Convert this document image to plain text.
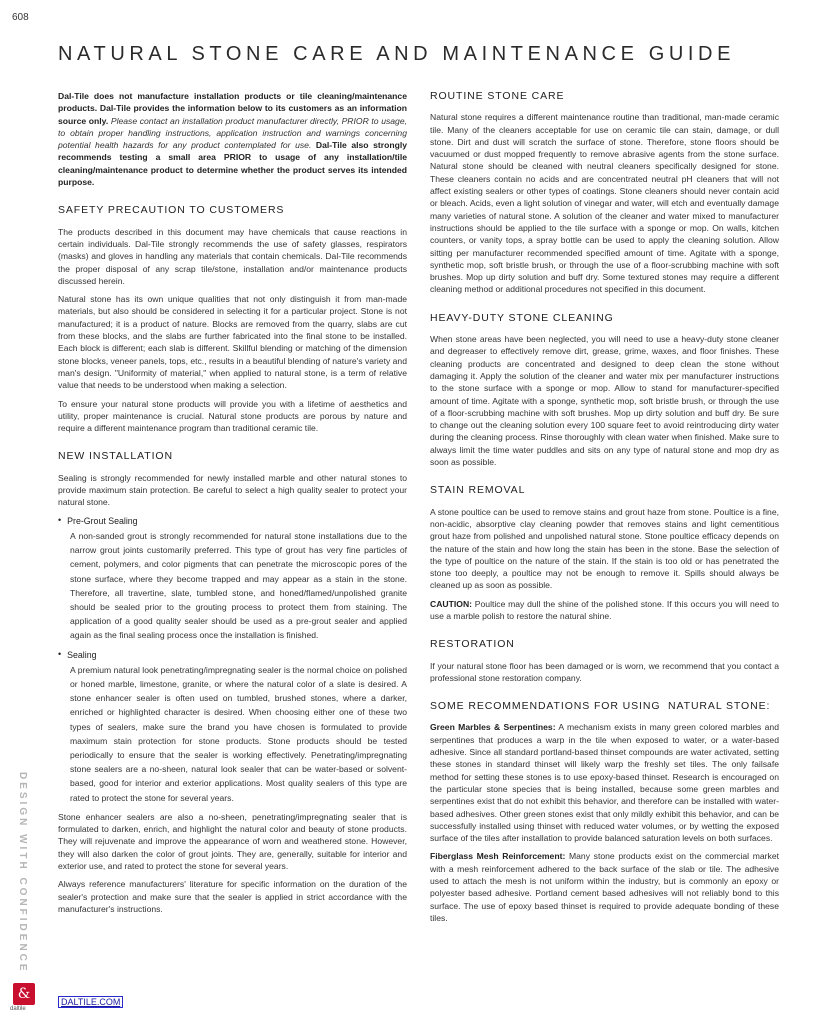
608
NATURAL STONE CARE AND MAINTENANCE GUIDE

Dal-Tile does not manufacture installation products or tile cleaning/maintenance products. Dal-Tile provides the information below to its customers as an information source only. Please contact an installation product manufacturer directly, PRIOR to usage, to obtain proper handling instructions, application instruction and warnings concerning potential health hazards for any product contemplated for use. Dal-Tile also strongly recommends testing a small area PRIOR to usage of any installation/tile cleaning/maintenance product to determine whether the product serves its intended purpose.

SAFETY PRECAUTION TO CUSTOMERS

The products described in this document may have chemicals that cause reactions in certain individuals. Dal-Tile strongly recommends the use of safety glasses, respirators (masks) and gloves in handling any materials that contain chemicals. Dal-Tile recommends the proper disposal of any scrap tile/stone, installation and/or maintenance products discussed herein.

Natural stone has its own unique qualities that not only distinguish it from man-made materials, but also should be considered in selecting it for a particular project. Stone is not manufactured; it is a product of nature. Blocks are removed from the quarry, slabs are cut from these blocks, and the slabs are further fabricated into the final stone to be installed. Each block is different; each slab is different. Skillful blending or matching of the dimension stone blocks, veneer panels, tops, etc., results in a beautiful blending of nature's variety and man's design. "Uniformity of material," when applied to natural stone, is a term of relative value that needs to be understood when making a selection.

To ensure your natural stone products will provide you with a lifetime of aesthetics and utility, proper maintenance is crucial. Natural stone products are porous by nature and require a different maintenance program than traditional ceramic tile.

NEW INSTALLATION

Sealing is strongly recommended for newly installed marble and other natural stones to provide maximum stain protection. Be careful to select a high quality sealer to protect your natural stone.

• Pre-Grout Sealing
A non-sanded grout is strongly recommended for natural stone installations due to the narrow grout joints customarily preferred. This type of grout has very fine particles of cement, polymers, and color pigments that can penetrate the microscopic pores of the stone surface, where they become trapped and may appear as a stain in the stone. Therefore, all travertine, slate, tumbled stone, and honed/flamed/unpolished granite should be sealed prior to the grouting process to protect them from staining. The application of a good quality sealer should be used as a pre-grout sealer and applied again as the final sealing process once the installation is finished.
• Sealing
A premium natural look penetrating/impregnating sealer is the normal choice on polished or honed marble, limestone, granite, or where the natural color of a slate is desired. A stone enhancer sealer is often used on tumbled, brushed stones, where a darker, enriched or highlighted character is desired. When choosing either one of these two types of sealers, make sure the brand you have chosen is formulated to provide maximum stain protection for stone products. Stone products should be tested periodically to ensure that the sealer is working effectively. Penetrating/impregnating stone sealers are a no-sheen, natural look sealer that can be water-based or solvent-based, good for interior and exterior applications. Most quality sealers of this type are rated to protect the stone for several years.

Stone enhancer sealers are also a no-sheen, penetrating/impregnating sealer that is formulated to darken, enrich, and highlight the natural color and beauty of stone products. They will rejuvenate and improve the appearance of worn and weathered stone. However, they will also darken the color of grout joints. They are, generally, suitable for interior and exterior use, and rated to protect the stone for several years.

Always reference manufacturers' literature for specific information on the duration of the sealer's protection and make sure that the sealer is applied in strict accordance with the manufacturer's instructions.

ROUTINE STONE CARE

Natural stone requires a different maintenance routine than traditional, man-made ceramic tile. Many of the cleaners acceptable for use on ceramic tile can stain, damage, or dull stone. Dirt and dust will scratch the surface of stone. Therefore, stone floors should be vacuumed or dust mopped frequently to remove abrasive agents from the stone surface. Natural stone should be cleaned with neutral cleaners specifically designed for stone. These cleaners contain no acids and are concentrated neutral pH cleaners that will not affect existing sealers or other types of coatings. Stone cleaners should never contain acid or bleach. Acids, even a light solution of vinegar and water, will etch and eventually damage many varieties of natural stone. A solution of the cleaner and water mixed to manufacturer instructions should be applied to the tile surface with a sponge or mop. On walls, kitchen counters, or vanity tops, a spray bottle can be used to apply the cleaning solution. Allow sitting per manufacturer recommended specified amount of time. Agitate with a sponge, synthetic mop, soft bristle brush, or through the use of a floor-scrubbing machine with soft brushes. Mop up dirty solution and buff dry. Some textured stones may require a different cleaning method or additional procedures not specified in this document.

HEAVY-DUTY STONE CLEANING

When stone areas have been neglected, you will need to use a heavy-duty stone cleaner and degreaser to effectively remove dirt, grease, grime, waxes, and floor finishes. These cleaning products are concentrated and designed to deep clean the stone without damaging it. Apply the solution of the cleaner and water mix per manufacturer instructions to the stone surface with a sponge or mop. Allow to stand for manufacturer-specified amount of time. Agitate with a sponge, synthetic mop, soft bristle brush, or through the use of a floor-scrubbing machine with soft brushes. Mop up dirty solution and buff dry. Be sure to change out the cleaning solution every 100 square feet to avoid reintroducing dirty water during the cleaning process. Rinse thoroughly with clean water when finished. Make sure to always limit the time water puddles and sits on any type of natural stone and mop dry as soon as possible.

STAIN REMOVAL

A stone poultice can be used to remove stains and grout haze from stone. Poultice is a fine, non-acidic, absorptive clay cleaning powder that removes stains and light cementitious grout haze from polished and unpolished natural stone. Stone poultice efficacy depends on the nature of the stain and how long the stain has been in the stone. Base the selection of the type of poultice on the nature of the stain. If the stain is too old or has penetrated the stone too deeply, a poultice may not be enough to remove it. Spills should always be cleaned up as soon as possible.

CAUTION: Poultice may dull the shine of the polished stone. If this occurs you will need to use a marble polish to restore the natural shine.

RESTORATION

If your natural stone floor has been damaged or is worn, we recommend that you contact a professional stone restoration company.

SOME RECOMMENDATIONS FOR USING  NATURAL STONE:

Green Marbles & Serpentines: A mechanism exists in many green colored marbles and serpentines that produces a warp in the tile when exposed to water, or a water-based adhesive. Since all standard portland-based thinset compounds are water activated, setting these stones in standard thinset will likely warp the freshly set tiles. The only failsafe method for setting these stones is to use epoxy-based thinset. Research is encouraged on the particular stone species that is being installed, because some green marbles and serpentines exist that do not exhibit this behavior, and therefore can be installed with water-based adhesives. Other green stones exist that only mildly exhibit this behavior, and can be successfully installed using thinset with reduced water volumes, or by wetting the exposed surface of the tiles after installation to provide balanced saturation levels on both surfaces.

Fiberglass Mesh Reinforcement: Many stone products exist on the commercial market with a mesh reinforcement adhered to the back surface of the slab or tile. The adhesive used to attach the mesh is not uniform within the industry, but is commonly an epoxy or polyester based adhesive. Portland cement based adhesives will not reliably bond to this surface. The use of epoxy based thinset is required to provide adequate bonding of these tiles.

DESIGN WITH CONFIDENCE
&
daltile
DALTILE.COM
